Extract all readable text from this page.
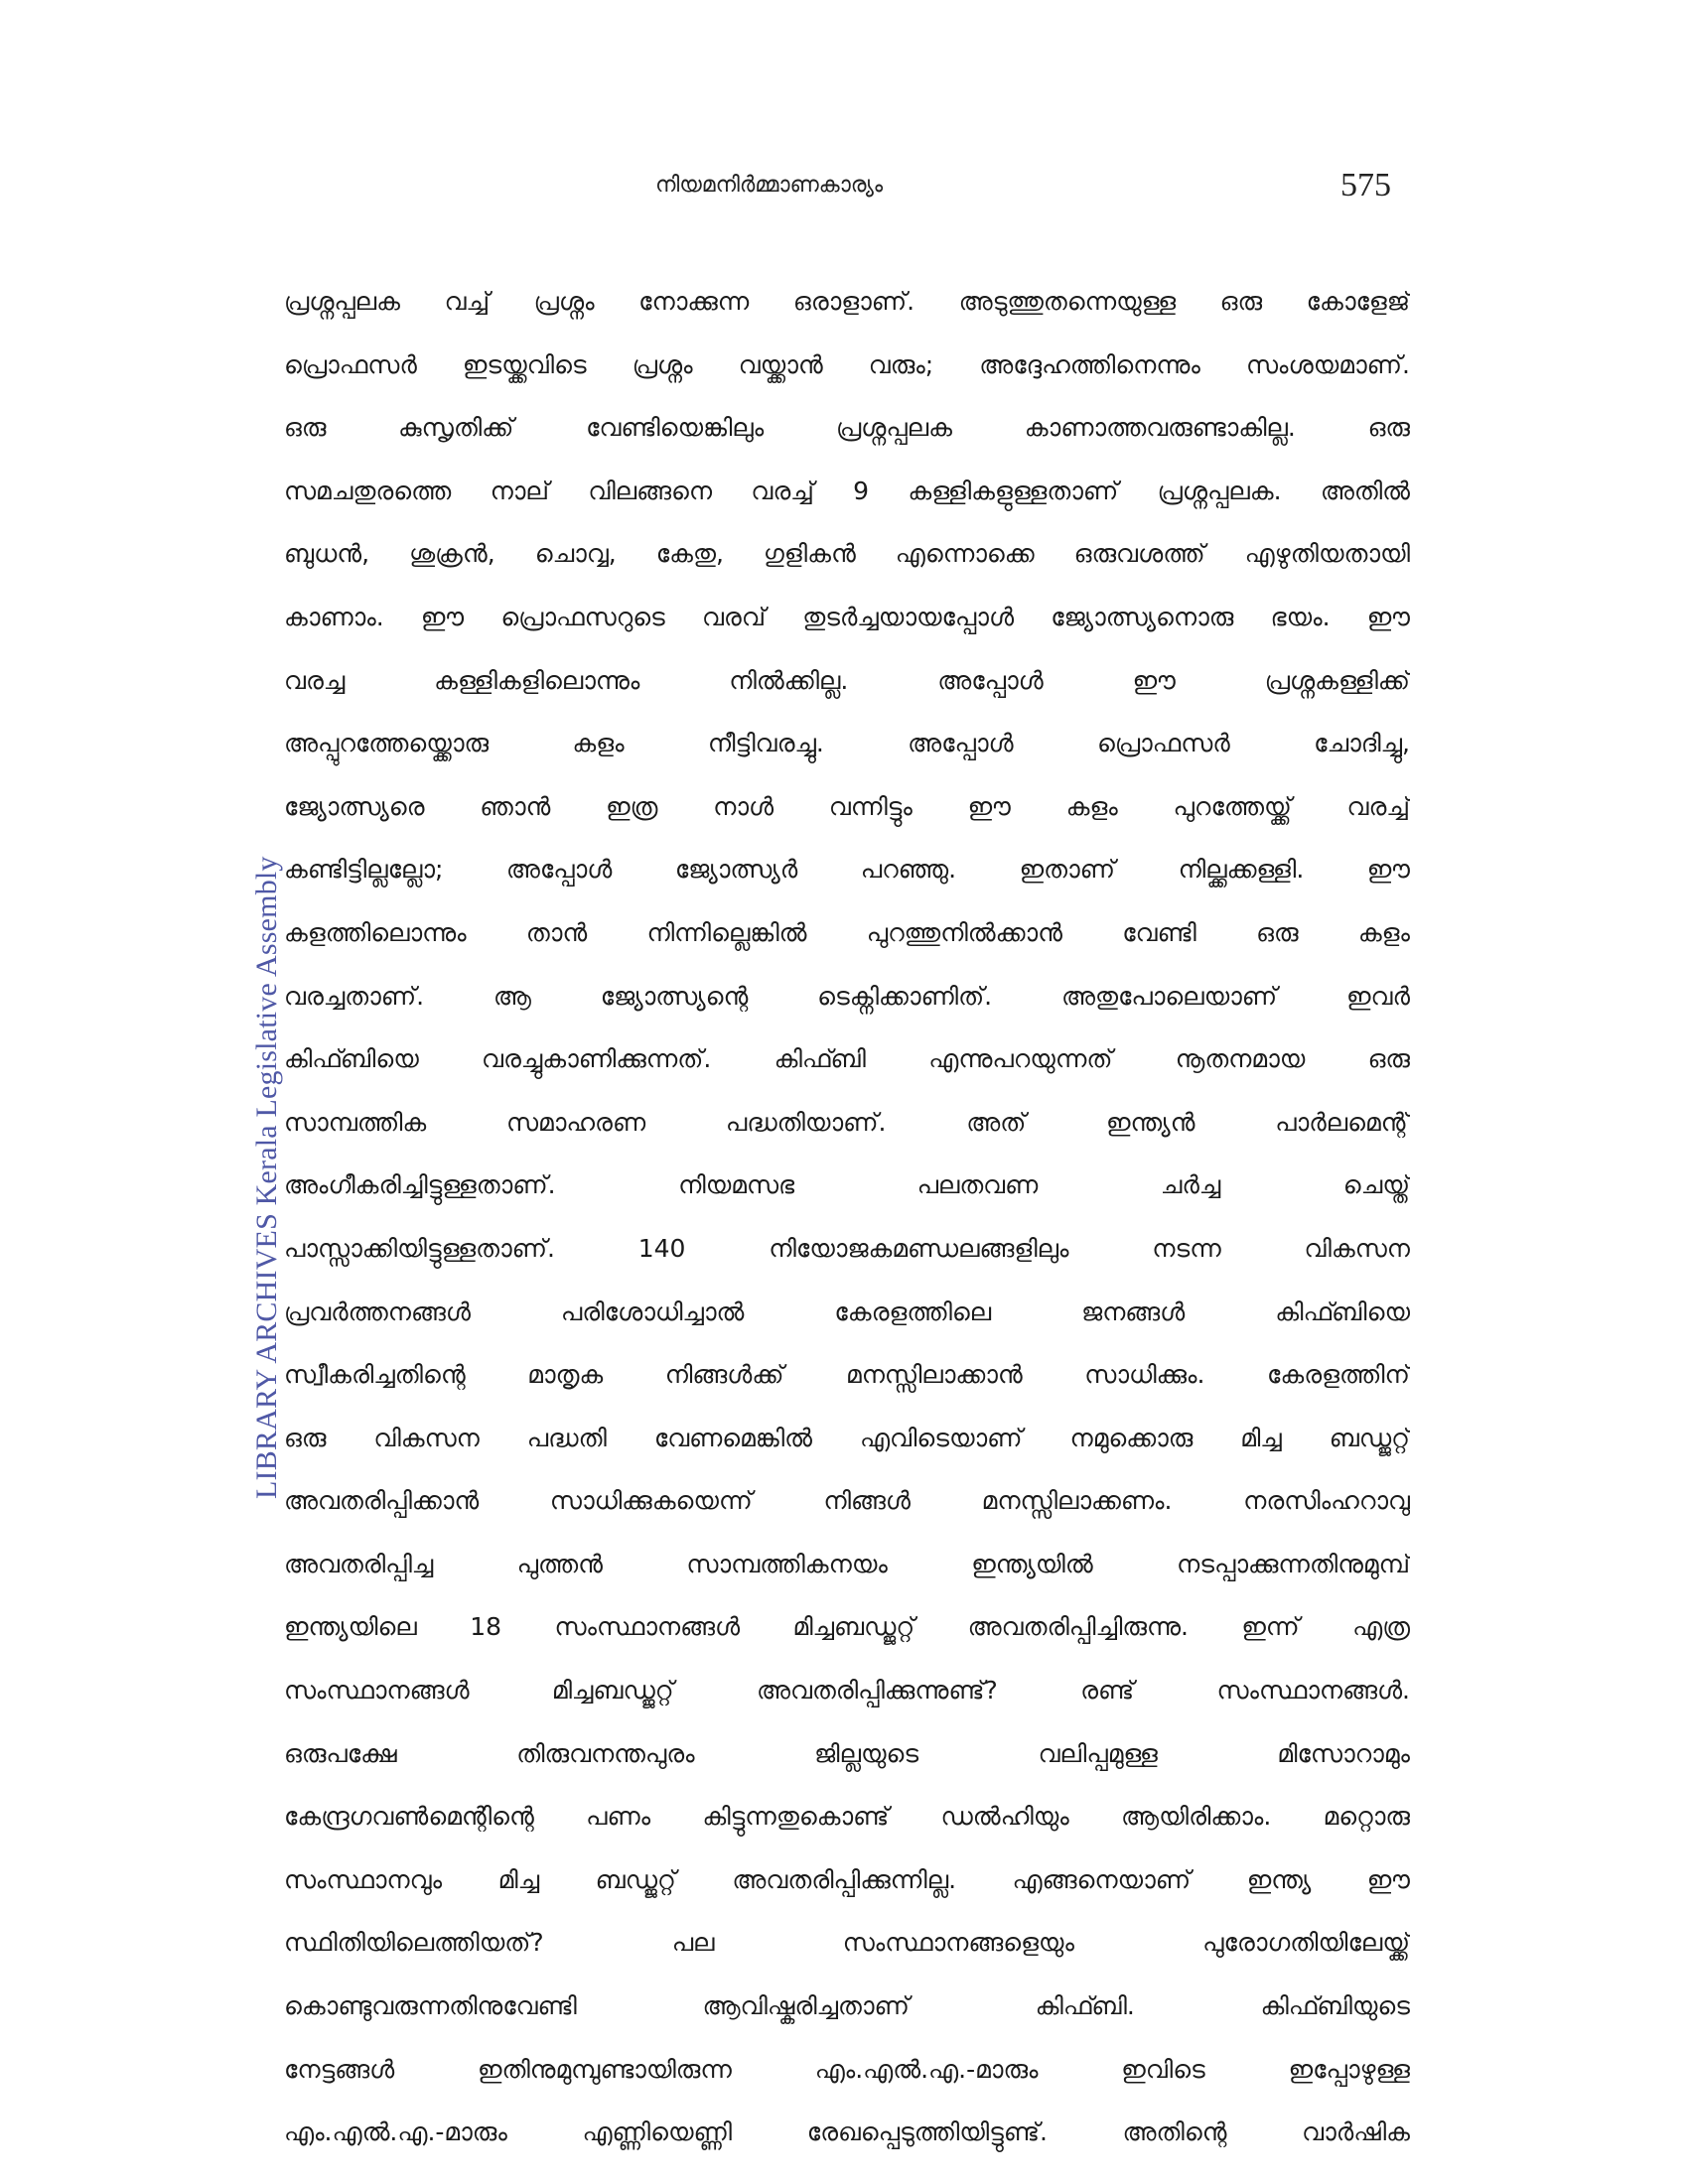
നിയമനിർമ്മാണകാര്യം	575
LIBRARY ARCHIVES Kerala Legislative Assembly
പ്രശ്നപ്പലക വച്ച് പ്രശ്നം നോക്കുന്ന ഒരാളാണ്. അടുത്തുതന്നെയുള്ള ഒരു കോളേജ്
പ്രൊഫസർ ഇടയ്ക്കവിടെ പ്രശ്നം വയ്ക്കാൻ വരും; അദ്ദേഹത്തിനെന്നും സംശയമാണ്.
ഒരു കുസൃതിക്ക് വേണ്ടിയെങ്കിലും പ്രശ്നപ്പലക കാണാത്തവരുണ്ടാകില്ല. ഒരു
സമചതുരത്തെ നാല് വിലങ്ങനെ വരച്ച് 9 കള്ളികളുള്ളതാണ് പ്രശ്നപ്പലക. അതിൽ
ബുധൻ, ശുക്രൻ, ചൊവ്വ, കേതു, ഗുളികൻ എന്നൊക്കെ ഒരുവശത്ത് എഴുതിയതായി
കാണാം. ഈ പ്രൊഫസറുടെ വരവ് തുടർച്ചയായപ്പോൾ ജ്യോത്സ്യനൊരു ഭയം. ഈ
വരച്ച കള്ളികളിലൊന്നും നിൽക്കില്ല. അപ്പോൾ ഈ പ്രശ്നകള്ളിക്ക്
അപ്പുറത്തേയ്ക്കൊരു കളം നീട്ടിവരച്ചു. അപ്പോൾ പ്രൊഫസർ ചോദിച്ചു,
ജ്യോത്സ്യരെ ഞാൻ ഇത്ര നാൾ വന്നിട്ടും ഈ കളം പുറത്തേയ്ക്ക് വരച്ച്
കണ്ടിട്ടില്ലല്ലോ; അപ്പോൾ ജ്യോത്സ്യർ പറഞ്ഞു. ഇതാണ് നില്ക്കക്കള്ളി. ഈ
കളത്തിലൊന്നും താൻ നിന്നില്ലെങ്കിൽ പുറത്തുനിൽക്കാൻ വേണ്ടി ഒരു കളം
വരച്ചതാണ്. ആ ജ്യോത്സ്യന്റെ ടെക്നിക്കാണിത്. അതുപോലെയാണ് ഇവർ
കിഫ്ബിയെ വരച്ചുകാണിക്കുന്നത്. കിഫ്ബി എന്നുപറയുന്നത് നൂതനമായ ഒരു
സാമ്പത്തിക സമാഹരണ പദ്ധതിയാണ്. അത് ഇന്ത്യൻ പാർലമെന്റ്
അംഗീകരിച്ചിട്ടുള്ളതാണ്. നിയമസഭ പലതവണ ചർച്ച ചെയ്ത്
പാസ്സാക്കിയിട്ടുള്ളതാണ്. 140 നിയോജകമണ്ഡലങ്ങളിലും നടന്ന വികസന
പ്രവർത്തനങ്ങൾ പരിശോധിച്ചാൽ കേരളത്തിലെ ജനങ്ങൾ കിഫ്ബിയെ
സ്വീകരിച്ചതിന്റെ മാതൃക നിങ്ങൾക്ക് മനസ്സിലാക്കാൻ സാധിക്കും. കേരളത്തിന്
ഒരു വികസന പദ്ധതി വേണമെങ്കിൽ എവിടെയാണ് നമുക്കൊരു മിച്ച ബഡ്ജറ്റ്
അവതരിപ്പിക്കാൻ സാധിക്കുകയെന്ന് നിങ്ങൾ മനസ്സിലാക്കണം. നരസിംഹറാവു
അവതരിപ്പിച്ച പുത്തൻ സാമ്പത്തികനയം ഇന്ത്യയിൽ നടപ്പാക്കുന്നതിനുമുമ്പ്
ഇന്ത്യയിലെ 18 സംസ്ഥാനങ്ങൾ മിച്ചബഡ്ജറ്റ് അവതരിപ്പിച്ചിരുന്നു. ഇന്ന് എത്ര
സംസ്ഥാനങ്ങൾ മിച്ചബഡ്ജറ്റ് അവതരിപ്പിക്കുന്നുണ്ട്? രണ്ട് സംസ്ഥാനങ്ങൾ.
ഒരുപക്ഷേ തിരുവനന്തപുരം ജില്ലയുടെ വലിപ്പമുള്ള മിസോറാമും
കേന്ദ്രഗവൺമെന്റിന്റെ പണം കിട്ടുന്നതുകൊണ്ട് ഡൽഹിയും ആയിരിക്കാം. മറ്റൊരു
സംസ്ഥാനവും മിച്ച ബഡ്ജറ്റ് അവതരിപ്പിക്കുന്നില്ല. എങ്ങനെയാണ് ഇന്ത്യ ഈ
സ്ഥിതിയിലെത്തിയത്? പല സംസ്ഥാനങ്ങളെയും പുരോഗതിയിലേയ്ക്ക്
കൊണ്ടുവരുന്നതിനുവേണ്ടി ആവിഷ്കരിച്ചതാണ് കിഫ്ബി. കിഫ്ബിയുടെ
നേട്ടങ്ങൾ ഇതിനുമുമ്പുണ്ടായിരുന്ന എം.എൽ.എ.-മാരും ഇവിടെ ഇപ്പോഴുള്ള
എം.എൽ.എ.-മാരും എണ്ണിയെണ്ണി രേഖപ്പെടുത്തിയിട്ടുണ്ട്. അതിന്റെ വാർഷിക
